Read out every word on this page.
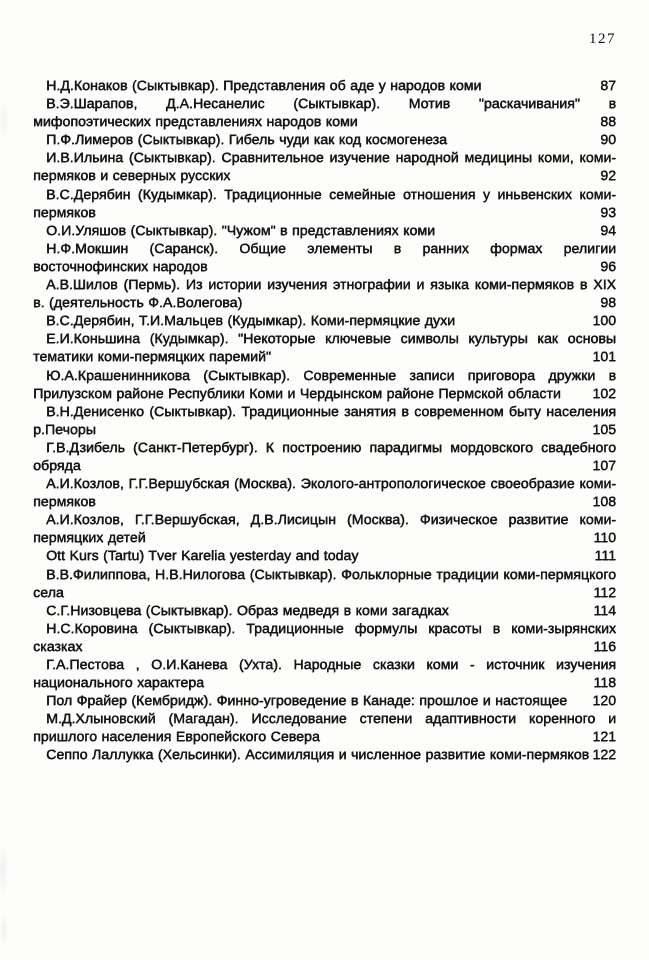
127

Н.Д.Конаков (Сыктывкар). Представления об аде у народов коми	87

В.Э.Шарапов, Д.А.Несанелис (Сыктывкар). Мотив "раскачивания" в мифопоэтических представлениях народов коми	88

П.Ф.Лимеров (Сыктывкар). Гибель чуди как код космогенеза	90

И.В.Ильина (Сыктывкар). Сравнительное изучение народной медицины коми, коми-пермяков и северных русских	92

В.С.Дерябин (Кудымкар). Традиционные семейные отношения у иньвенских коми-пермяков	93

О.И.Уляшов (Сыктывкар). "Чужом" в представлениях коми	94

Н.Ф.Мокшин (Саранск). Общие элементы в ранних формах религии восточнофинских народов	96

А.В.Шилов (Пермь). Из истории изучения этнографии и языка коми-пермяков в XIX в. (деятельность Ф.А.Волегова)	98

В.С.Дерябин, Т.И.Мальцев (Кудымкар). Коми-пермяцкие духи	100

Е.И.Коньшина (Кудымкар). "Некоторые ключевые символы культуры как основы тематики коми-пермяцких паремий"	101

Ю.А.Крашенинникова (Сыктывкар). Современные записи приговора дружки в Прилузском районе Республики Коми и Чердынском районе Пермской области 102

В.Н.Денисенко (Сыктывкар). Традиционные занятия в современном быту населения р.Печоры	105

Г.В.Дзибель (Санкт-Петербург). К построению парадигмы мордовского свадебного обряда	107

А.И.Козлов, Г.Г.Вершубская (Москва). Эколого-антропологическое своеобразие коми-пермяков	108

А.И.Козлов, Г.Г.Вершубская, Д.В.Лисицын (Москва). Физическое развитие коми-пермяцких детей	110

Ott Kurs (Tartu) Tver Karelia yesterday and today	111

В.В.Филиппова, Н.В.Нилогова (Сыктывкар). Фольклорные традиции коми-пермяцкого села	112

С.Г.Низовцева (Сыктывкар). Образ медведя в коми загадках	114

Н.С.Коровина (Сыктывкар). Традиционные формулы красоты в коми-зырянских сказках	116

Г.А.Пестова , О.И.Канева (Ухта). Народные сказки коми - источник изучения национального характера	118

Пол Фрайер (Кембридж). Финно-угроведение в Канаде: прошлое и настоящее 120

М.Д.Хлыновский (Магадан). Исследование степени адаптивности коренного и пришлого населения Европейского Севера	121

Сеппо Лаллукка (Хельсинки). Ассимиляция и численное развитие коми-пермяков 122
